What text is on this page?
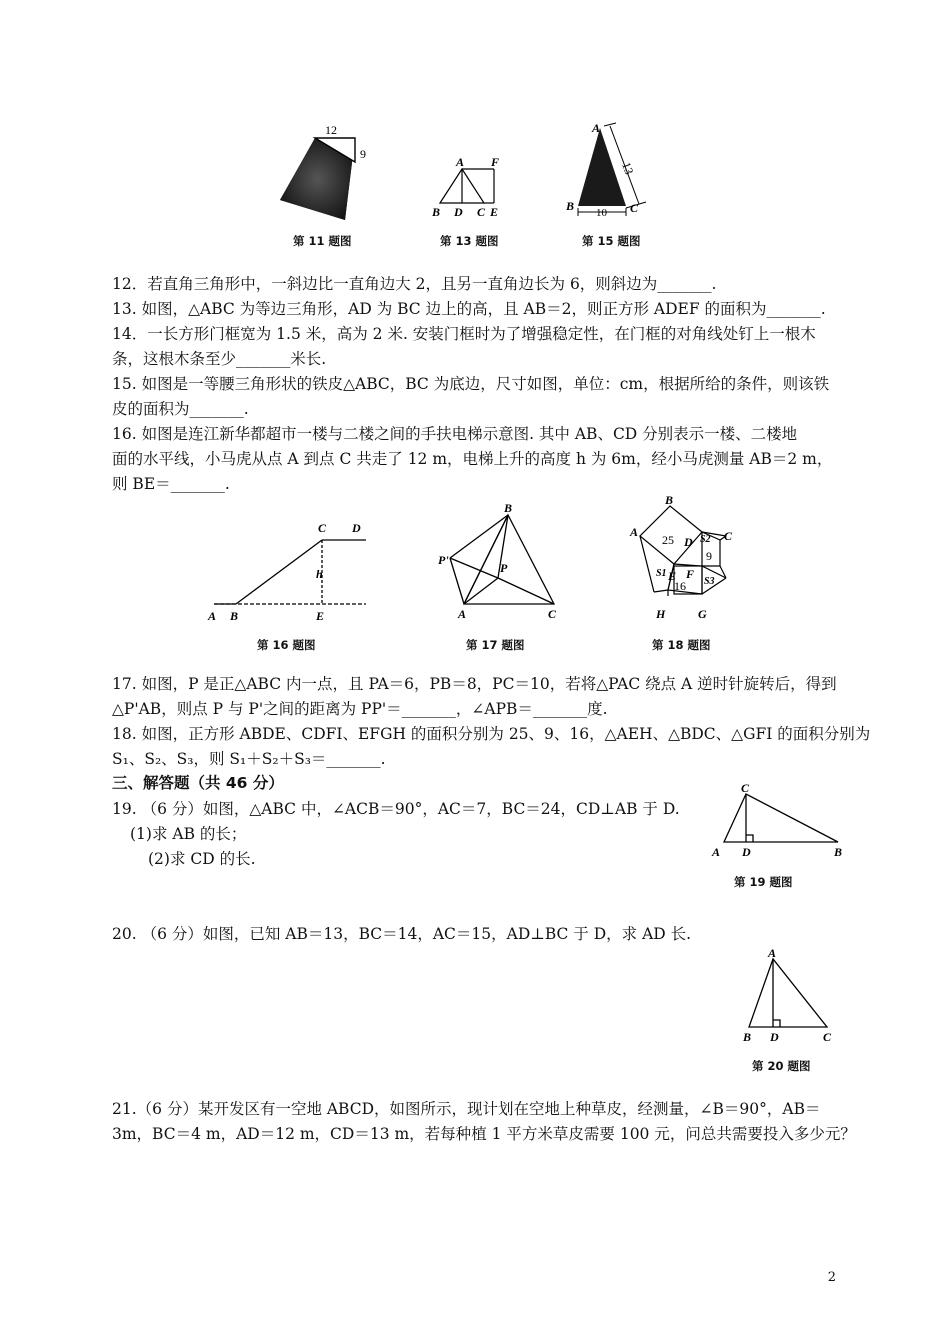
12
9
第 11 题图
A F
B D C E
第 13 题图
A
B	C
13
10
第 15 题图
12．若直角三角形中，一斜边比一直角边大 2，且另一直角边长为 6，则斜边为_______.
13. 如图，△ABC 为等边三角形，AD 为 BC 边上的高，且 AB＝2，则正方形 ADEF 的面积为_______.
14．一长方形门框宽为 1.5 米，高为 2 米. 安装门框时为了增强稳定性，在门框的对角线处钉上一根木
条，这根木条至少_______米长.
15. 如图是一等腰三角形状的铁皮△ABC，BC 为底边，尺寸如图，单位：cm，根据所给的条件，则该铁
皮的面积为_______.
16. 如图是连江新华都超市一楼与二楼之间的手扶电梯示意图. 其中 AB、CD 分别表示一楼、二楼地
面的水平线，小马虎从点 A 到点 C 共走了 12 m，电梯上升的高度 h 为 6m，经小马虎测量 AB＝2 m，
则 BE＝_______.
C D
h
A B	E
第 16 题图
B
P'
P
A	C
第 17 题图
B
A	C
D S2
9
25
S1 E F
S3
16
H	G
第 18 题图
17. 如图，P 是正△ABC 内一点，且 PA＝6，PB＝8，PC＝10，若将△PAC 绕点 A 逆时针旋转后，得到
△P'AB，则点 P 与 P'之间的距离为 PP'＝_______，∠APB＝_______度.
18. 如图，正方形 ABDE、CDFI、EFGH 的面积分别为 25、9、16，△AEH、△BDC、△GFI 的面积分别为
S₁、S₂、S₃，则 S₁＋S₂＋S₃＝_______.
三、解答题（共 46 分）
19. （6 分）如图，△ABC 中，∠ACB＝90°，AC＝7，BC＝24，CD⊥AB 于 D.
(1)求 AB 的长；
(2)求 CD 的长.
C
A D	B
第 19 题图
20. （6 分）如图，已知 AB＝13，BC＝14，AC＝15，AD⊥BC 于 D，求 AD 长.
A
B D	C
第 20 题图
21.（6 分）某开发区有一空地 ABCD，如图所示，现计划在空地上种草皮，经测量，∠B＝90°，AB＝
3m，BC＝4 m，AD＝12 m，CD＝13 m，若每种植 1 平方米草皮需要 100 元，问总共需要投入多少元？
2
